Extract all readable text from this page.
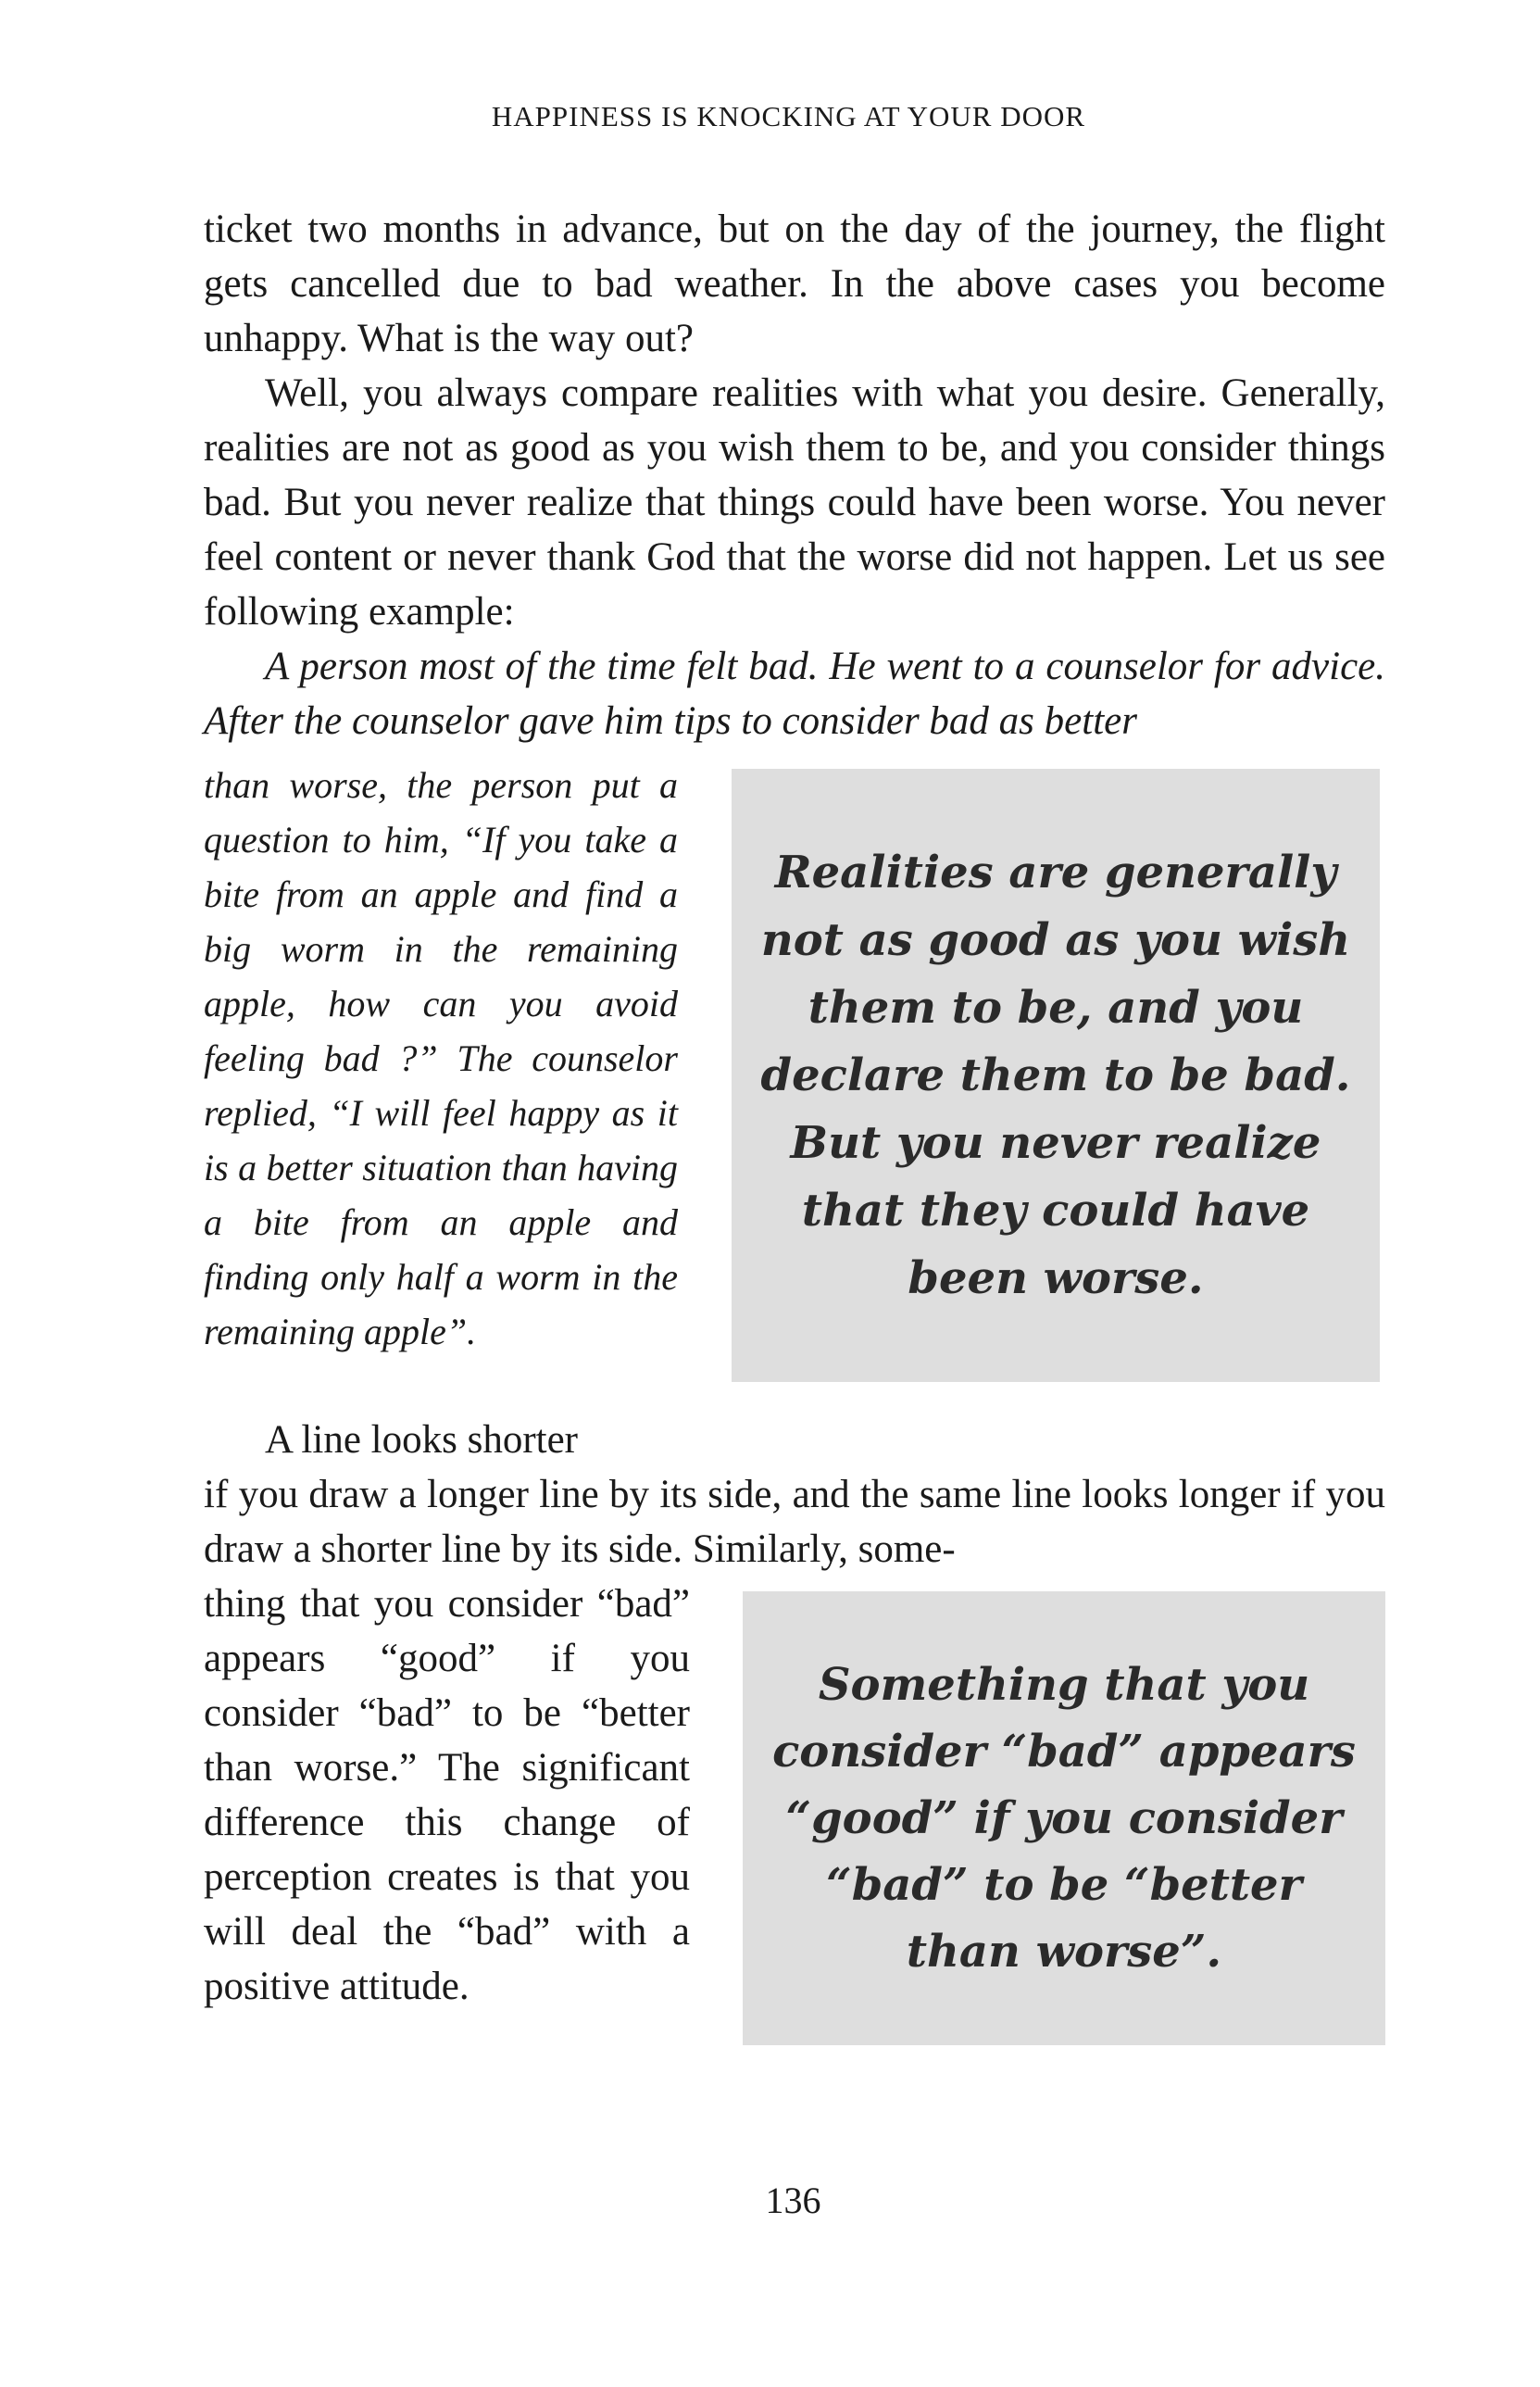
HAPPINESS IS KNOCKING AT YOUR DOOR

ticket two months in advance, but on the day of the journey, the flight gets cancelled due to bad weather. In the above cases you become unhappy. What is the way out?

Well, you always compare realities with what you desire. Generally, realities are not as good as you wish them to be, and you consider things bad. But you never realize that things could have been worse. You never feel content or never thank God that the worse did not happen. Let us see following example:

A person most of the time felt bad. He went to a counselor for advice. After the counselor gave him tips to consider bad as better

than worse, the person put a question to him, “If you take a bite from an apple and find a big worm in the remaining apple, how can you avoid feeling bad ?” The counselor replied, “I will feel happy as it is a better situation than having a bite from an apple and finding only half a worm in the remaining apple”.

Realities are generally not as good as you wish them to be, and you declare them to be bad. But you never realize that they could have been worse.

A line looks shorter

if you draw a longer line by its side, and the same line looks longer if you draw a shorter line by its side. Similarly, some-

thing that you consider “bad” appears “good” if you consider “bad” to be “better than worse.” The significant difference this change of perception creates is that you will deal the “bad” with a positive attitude.

Something that you consider “bad” appears “good” if you consider “bad” to be “better than worse”.
136
